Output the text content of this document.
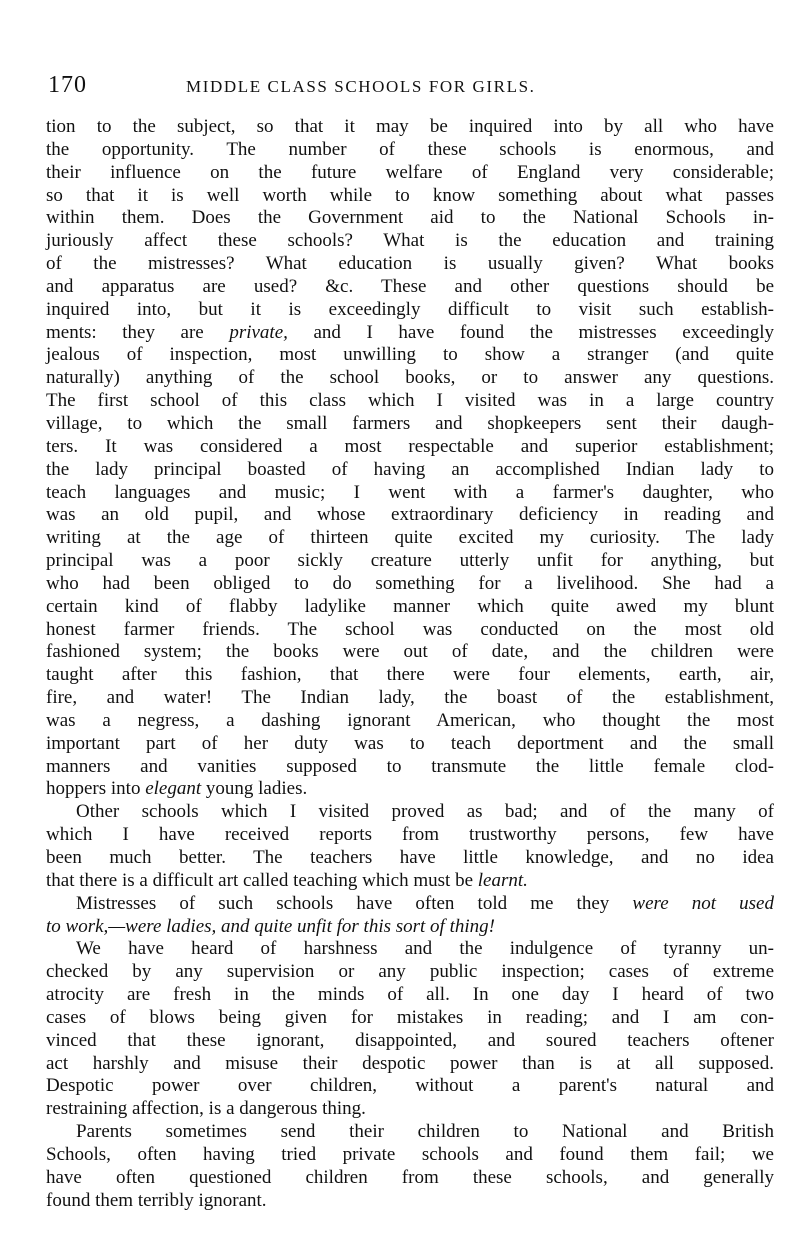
170	MIDDLE CLASS SCHOOLS FOR GIRLS.
tion to the subject, so that it may be inquired into by all who have
the opportunity. The number of these schools is enormous, and
their influence on the future welfare of England very considerable;
so that it is well worth while to know something about what passes
within them. Does the Government aid to the National Schools in-
juriously affect these schools? What is the education and training
of the mistresses? What education is usually given? What books
and apparatus are used? &c. These and other questions should be
inquired into, but it is exceedingly difficult to visit such establish-
ments: they are private, and I have found the mistresses exceedingly
jealous of inspection, most unwilling to show a stranger (and quite
naturally) anything of the school books, or to answer any questions.
The first school of this class which I visited was in a large country
village, to which the small farmers and shopkeepers sent their daugh-
ters. It was considered a most respectable and superior establishment;
the lady principal boasted of having an accomplished Indian lady to
teach languages and music; I went with a farmer's daughter, who
was an old pupil, and whose extraordinary deficiency in reading and
writing at the age of thirteen quite excited my curiosity. The lady
principal was a poor sickly creature utterly unfit for anything, but
who had been obliged to do something for a livelihood. She had a
certain kind of flabby ladylike manner which quite awed my blunt
honest farmer friends. The school was conducted on the most old
fashioned system; the books were out of date, and the children were
taught after this fashion, that there were four elements, earth, air,
fire, and water! The Indian lady, the boast of the establishment,
was a negress, a dashing ignorant American, who thought the most
important part of her duty was to teach deportment and the small
manners and vanities supposed to transmute the little female clod-
hoppers into elegant young ladies.
Other schools which I visited proved as bad; and of the many of
which I have received reports from trustworthy persons, few have
been much better. The teachers have little knowledge, and no idea
that there is a difficult art called teaching which must be learnt.
Mistresses of such schools have often told me they were not used
to work,—were ladies, and quite unfit for this sort of thing!
We have heard of harshness and the indulgence of tyranny un-
checked by any supervision or any public inspection; cases of extreme
atrocity are fresh in the minds of all. In one day I heard of two
cases of blows being given for mistakes in reading; and I am con-
vinced that these ignorant, disappointed, and soured teachers oftener
act harshly and misuse their despotic power than is at all supposed.
Despotic power over children, without a parent's natural and
restraining affection, is a dangerous thing.
Parents sometimes send their children to National and British
Schools, often having tried private schools and found them fail; we
have often questioned children from these schools, and generally
found them terribly ignorant.
